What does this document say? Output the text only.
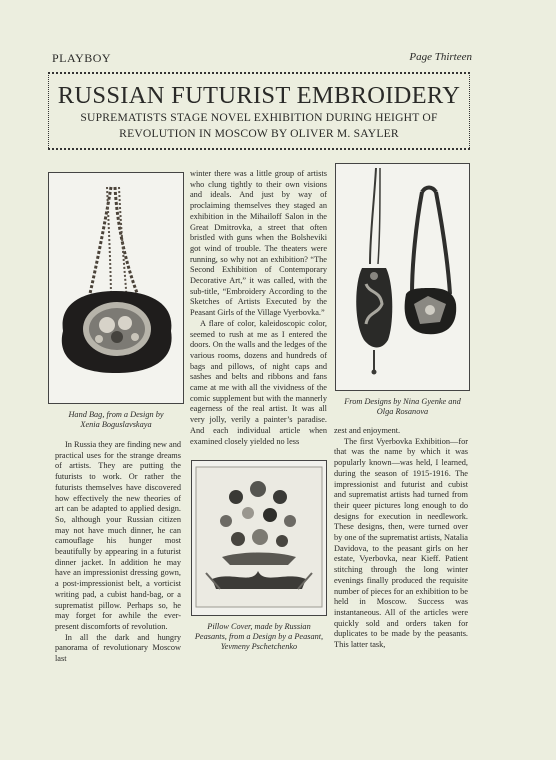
PLAYBOY	Page Thirteen
RUSSIAN FUTURIST EMBROIDERY
SUPREMATISTS STAGE NOVEL EXHIBITION DURING HEIGHT OF
REVOLUTION IN MOSCOW BY OLIVER M. SAYLER
Hand Bag, from a Design by
Xenia Boguslavskaya

In Russia they are finding new and practical uses for the strange dreams of artists. They are putting the futurists to work. Or rather the futurists themselves have discovered how effectively the new theories of art can be adapted to applied design. So, although your Russian citizen may not have much dinner, he can camouflage his hunger most beautifully by appearing in a futurist dinner jacket. In addition he may have an impressionist dressing gown, a post-impressionist belt, a vorticist writing pad, a cubist hand-bag, or a suprematist pillow. Perhaps so, he may forget for awhile the ever-present discomforts of revolution.

In all the dark and hungry panorama of revolutionary Moscow last

winter there was a little group of artists who clung tightly to their own visions and ideals. And just by way of proclaiming themselves they staged an exhibition in the Mihailoff Salon in the Great Dmitrovka, a street that often bristled with guns when the Bolsheviki got wind of trouble. The theaters were running, so why not an exhibition? “The Second Exhibition of Contemporary Decorative Art,” it was called, with the sub-title, “Embroidery According to the Sketches of Artists Executed by the Peasant Girls of the Village Vyerbovka.”

A flare of color, kaleidoscopic color, seemed to rush at me as I entered the doors. On the walls and the ledges of the various rooms, dozens and hundreds of bags and pillows, of night caps and sashes and belts and ribbons and fans came at me with all the vividness of the comic supplement but with the mannerly eagerness of the real artist. It was all very jolly, verily a painter’s paradise. And each individual article when examined closely yielded no less

Pillow Cover, made by Russian
Peasants, from a Design by a Peasant,
Yevmeny Pschetchenko
From Designs by Nina Gyenke and
Olga Rosanova

zest and enjoyment.

The first Vyerbovka Exhibition—for that was the name by which it was popularly known—was held, I learned, during the season of 1915-1916. The impressionist and futurist and cubist and suprematist artists had turned from their queer pictures long enough to do designs for execution in needlework. These designs, then, were turned over by one of the suprematist artists, Natalia Davidova, to the peasant girls on her estate, Vyerbovka, near Kieff. Patient stitching through the long winter evenings finally produced the requisite number of pieces for an exhibition to be held in Moscow. Success was instantaneous. All of the articles were quickly sold and orders taken for duplicates to be made by the peasants. This latter task,
